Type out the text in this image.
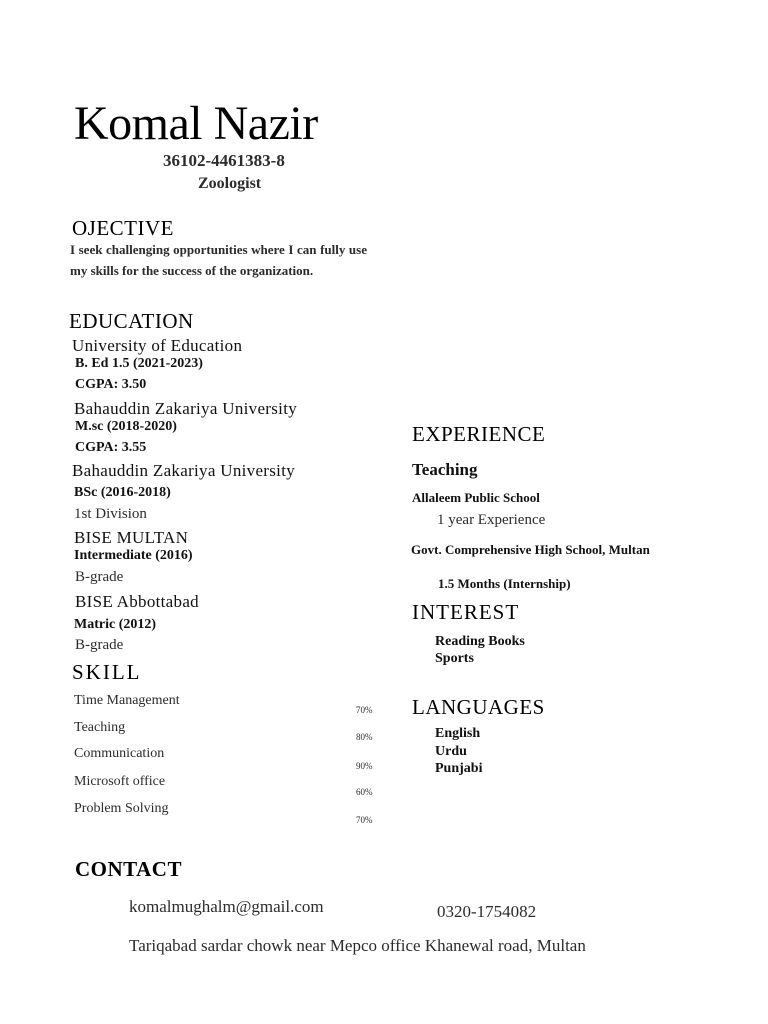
Komal Nazir
36102-4461383-8
Zoologist
OJECTIVE
I seek challenging opportunities where I can fully use my skills for the success of the organization.
EDUCATION
University of Education
B. Ed 1.5 (2021-2023)
CGPA: 3.50
Bahauddin Zakariya University
M.sc (2018-2020)
CGPA: 3.55
Bahauddin Zakariya University
BSc (2016-2018)
1st Division
BISE MULTAN
Intermediate (2016)
B-grade
BISE Abbottabad
Matric (2012)
B-grade
SKILL
Time Management
70%
Teaching
80%
Communication
90%
Microsoft office
60%
Problem Solving
70%
EXPERIENCE
Teaching
Allaleem Public School
1 year Experience
Govt. Comprehensive High School, Multan
1.5 Months (Internship)
INTEREST
Reading Books
Sports
LANGUAGES
English
Urdu
Punjabi
CONTACT
komalmughalm@gmail.com	0320-1754082
Tariqabad sardar chowk near Mepco office Khanewal road, Multan
